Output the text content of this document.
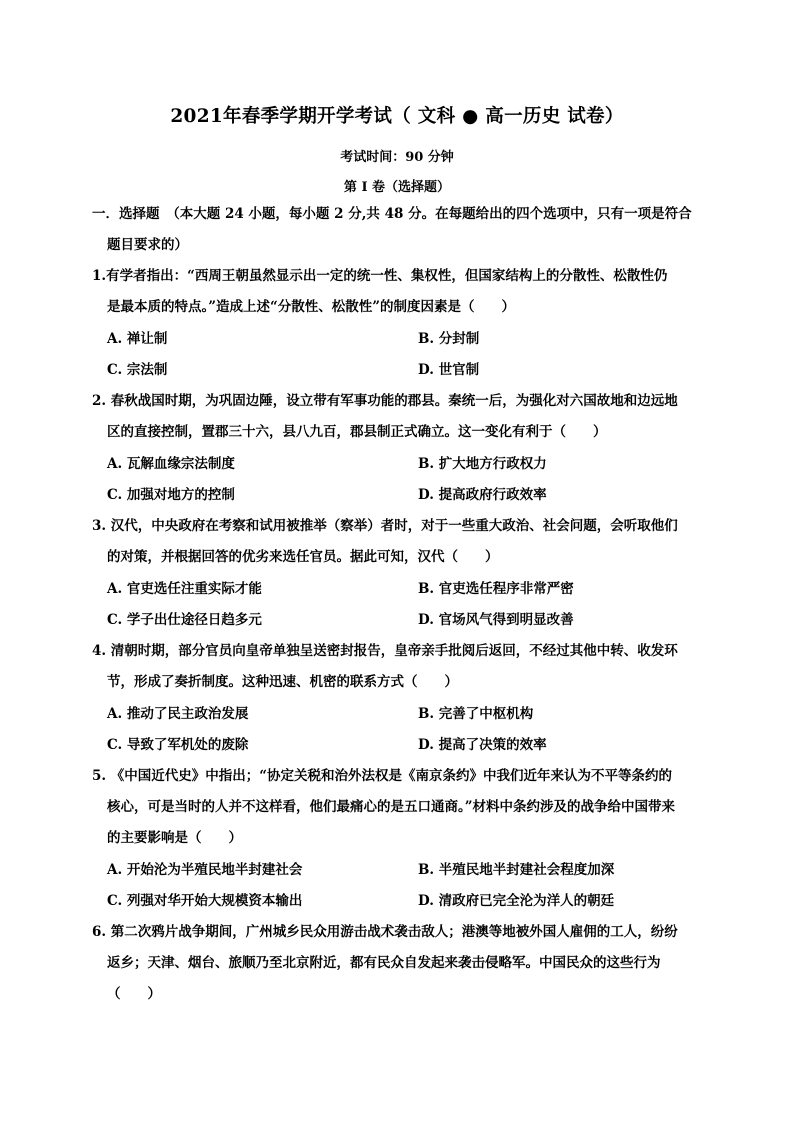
2021年春季学期开学考试（ 文科 ● 高一历史 试卷）
考试时间：90 分钟
第 I 卷（选择题）
一．选择题　（本大题 24 小题，每小题 2 分,共 48 分。在每题给出的四个选项中，只有一项是符合
题目要求的）
1.有学者指出：“西周王朝虽然显示出一定的统一性、集权性，但国家结构上的分散性、松散性仍
是最本质的特点。”造成上述“分散性、松散性”的制度因素是（　　）
A. 禅让制	B. 分封制
C. 宗法制	D. 世官制
2. 春秋战国时期，为巩固边陲，设立带有军事功能的郡县。秦统一后，为强化对六国故地和边远地
区的直接控制，置郡三十六，县八九百，郡县制正式确立。这一变化有利于（　　）
A. 瓦解血缘宗法制度	B. 扩大地方行政权力
C. 加强对地方的控制	D. 提高政府行政效率
3. 汉代，中央政府在考察和试用被推举（察举）者时，对于一些重大政治、社会问题，会听取他们
的对策，并根据回答的优劣来选任官员。据此可知，汉代（　　）
A. 官吏选任注重实际才能	B. 官吏选任程序非常严密
C. 学子出仕途径日趋多元	D. 官场风气得到明显改善
4. 清朝时期，部分官员向皇帝单独呈送密封报告，皇帝亲手批阅后返回，不经过其他中转、收发环
节，形成了奏折制度。这种迅速、机密的联系方式（　　）
A. 推动了民主政治发展	B. 完善了中枢机构
C. 导致了军机处的废除	D. 提高了决策的效率
5. 《中国近代史》中指出；“协定关税和治外法权是《南京条约》中我们近年来认为不平等条约的
核心，可是当时的人并不这样看，他们最痛心的是五口通商。”材料中条约涉及的战争给中国带来
的主要影响是（　　）
A. 开始沦为半殖民地半封建社会	B. 半殖民地半封建社会程度加深
C. 列强对华开始大规模资本输出	D. 清政府已完全沦为洋人的朝廷
6. 第二次鸦片战争期间，广州城乡民众用游击战术袭击敌人；港澳等地被外国人雇佣的工人，纷纷
返乡；天津、烟台、旅顺乃至北京附近，都有民众自发起来袭击侵略军。中国民众的这些行为
（　　）
